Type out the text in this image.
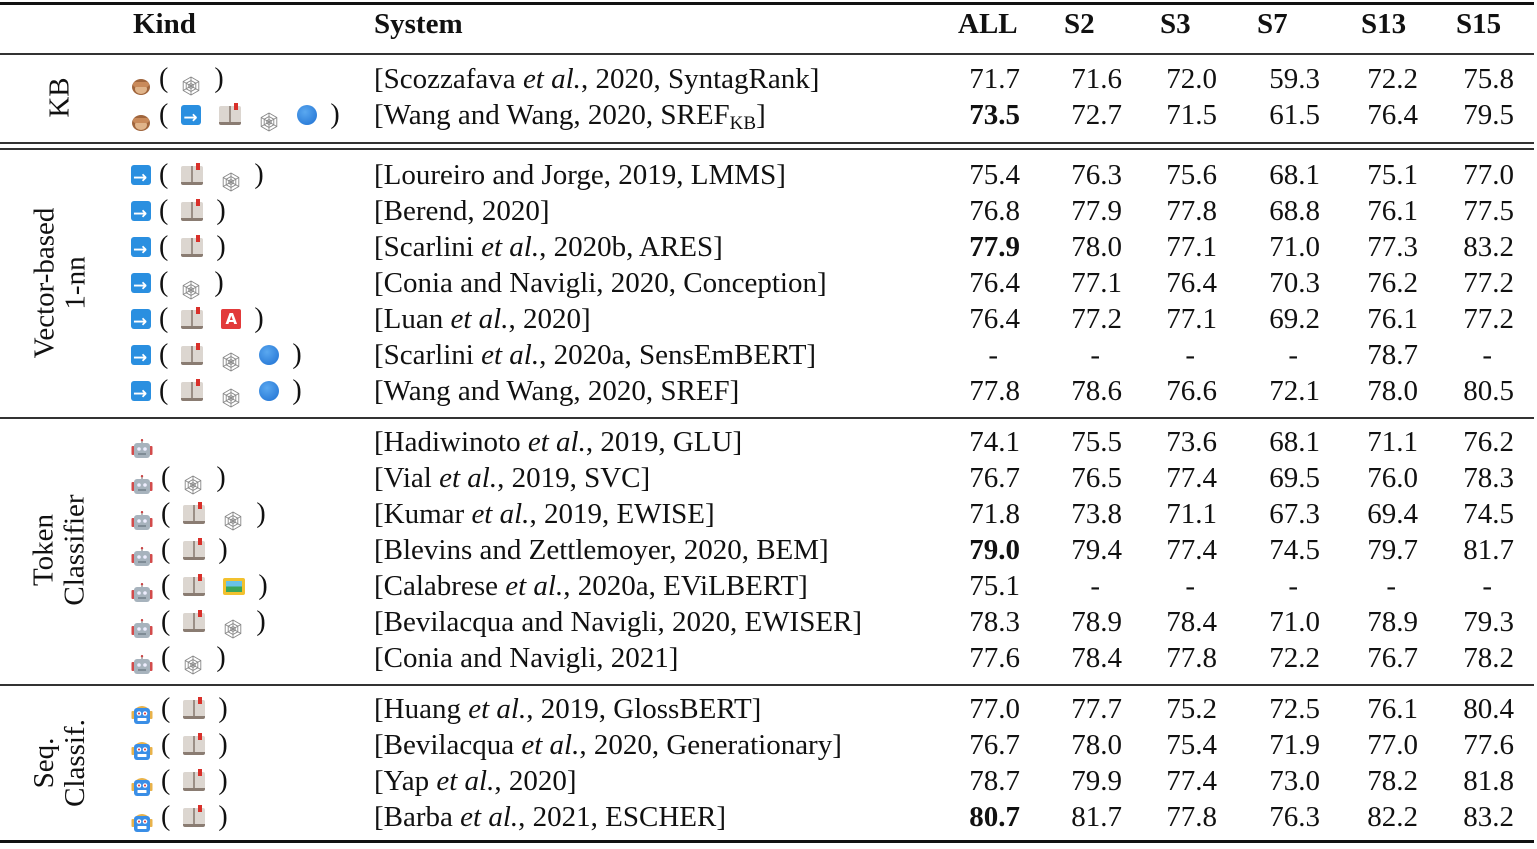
Kind	System	ALL S2 S3 S7	S13 S15
KB	( )	[Scozzafava et al., 2020, SyntagRank]	71.7 71.6 72.0 59.3 72.2 75.8
( →	) [Wang and Wang, 2020, $SREF_{KB}$]	73.5 72.7 71.5 61.5 76.4 79.5
Vector-based 1-nn
→
(	)	[Loureiro and Jorge, 2019, LMMS]	75.4 76.3 75.6 68.1 75.1 77.0
→
( )	[Berend, 2020]	76.8 77.9 77.8 68.8 76.1 77.5
→
( )	[Scarlini et al., 2020b, ARES]	77.9 78.0 77.1 71.0 77.3 83.2
→
( )	[Conia and Navigli, 2020, Conception]	76.4 77.1 76.4 70.3 76.2 77.2
→
(	A )	[Luan et al., 2020]	76.4 77.2 77.1 69.2 76.1 77.2
→
(	) [Scarlini et al., 2020a, SensEmBERT]	-	-	-	- 78.7 -
→
(	) [Wang and Wang, 2020, SREF]	77.8 78.6 76.6 72.1 78.0 80.5
Token Classifier
[Hadiwinoto et al., 2019, GLU]	74.1 75.5 73.6 68.1 71.1 76.2
( )	[Vial et al., 2019, SVC]	76.7 76.5 77.4 69.5 76.0 78.3
(	)	[Kumar et al., 2019, EWISE]	71.8 73.8 71.1 67.3 69.4 74.5
( )	[Blevins and Zettlemoyer, 2020, BEM]	79.0 79.4 77.4 74.5 79.7 81.7
(	)	[Calabrese et al., 2020a, EViLBERT]	75.1 -	-	-	-	-
(	)	[Bevilacqua and Navigli, 2020, EWISER]	78.3 78.9 78.4 71.0 78.9 79.3
( )	[Conia and Navigli, 2021]	77.6 78.4 77.8 72.2 76.7 78.2
Seq. Classif.
( )	[Huang et al., 2019, GlossBERT]	77.0 77.7 75.2 72.5 76.1 80.4
( )	[Bevilacqua et al., 2020, Generationary]	76.7 78.0 75.4 71.9 77.0 77.6
( )	[Yap et al., 2020]	78.7 79.9 77.4 73.0 78.2 81.8
( )	[Barba et al., 2021, ESCHER]	80.7 81.7 77.8 76.3 82.2 83.2
